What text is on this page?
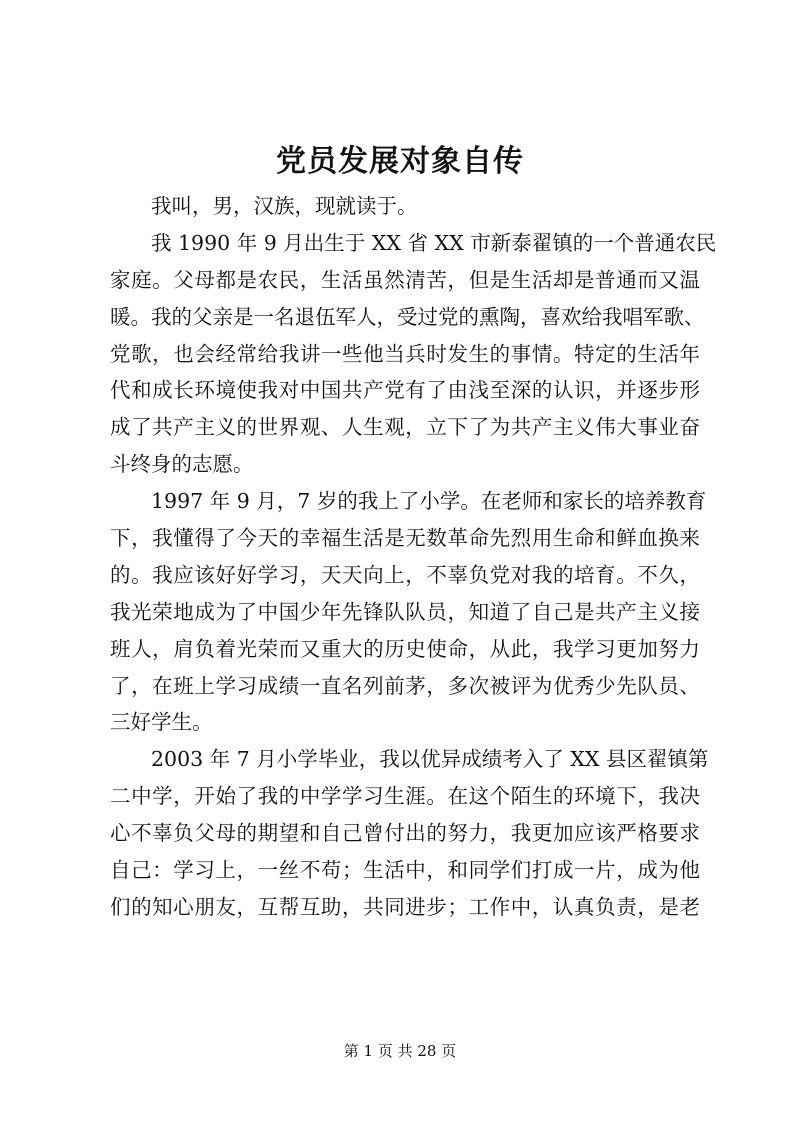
党员发展对象自传
我叫，男，汉族，现就读于。
我 1990 年 9 月出生于 XX 省 XX 市新泰翟镇的一个普通农民
家庭。父母都是农民，生活虽然清苦，但是生活却是普通而又温
暖。我的父亲是一名退伍军人，受过党的熏陶，喜欢给我唱军歌、
党歌，也会经常给我讲一些他当兵时发生的事情。特定的生活年
代和成长环境使我对中国共产党有了由浅至深的认识，并逐步形
成了共产主义的世界观、人生观，立下了为共产主义伟大事业奋
斗终身的志愿。
1997 年 9 月，7 岁的我上了小学。在老师和家长的培养教育
下，我懂得了今天的幸福生活是无数革命先烈用生命和鲜血换来
的。我应该好好学习，天天向上，不辜负党对我的培育。不久，
我光荣地成为了中国少年先锋队队员，知道了自己是共产主义接
班人，肩负着光荣而又重大的历史使命，从此，我学习更加努力
了，在班上学习成绩一直名列前茅，多次被评为优秀少先队员、
三好学生。
2003 年 7 月小学毕业，我以优异成绩考入了 XX 县区翟镇第
二中学，开始了我的中学学习生涯。在这个陌生的环境下，我决
心不辜负父母的期望和自己曾付出的努力，我更加应该严格要求
自己：学习上，一丝不苟；生活中，和同学们打成一片，成为他
们的知心朋友，互帮互助，共同进步；工作中，认真负责，是老
第 1 页 共 28 页
